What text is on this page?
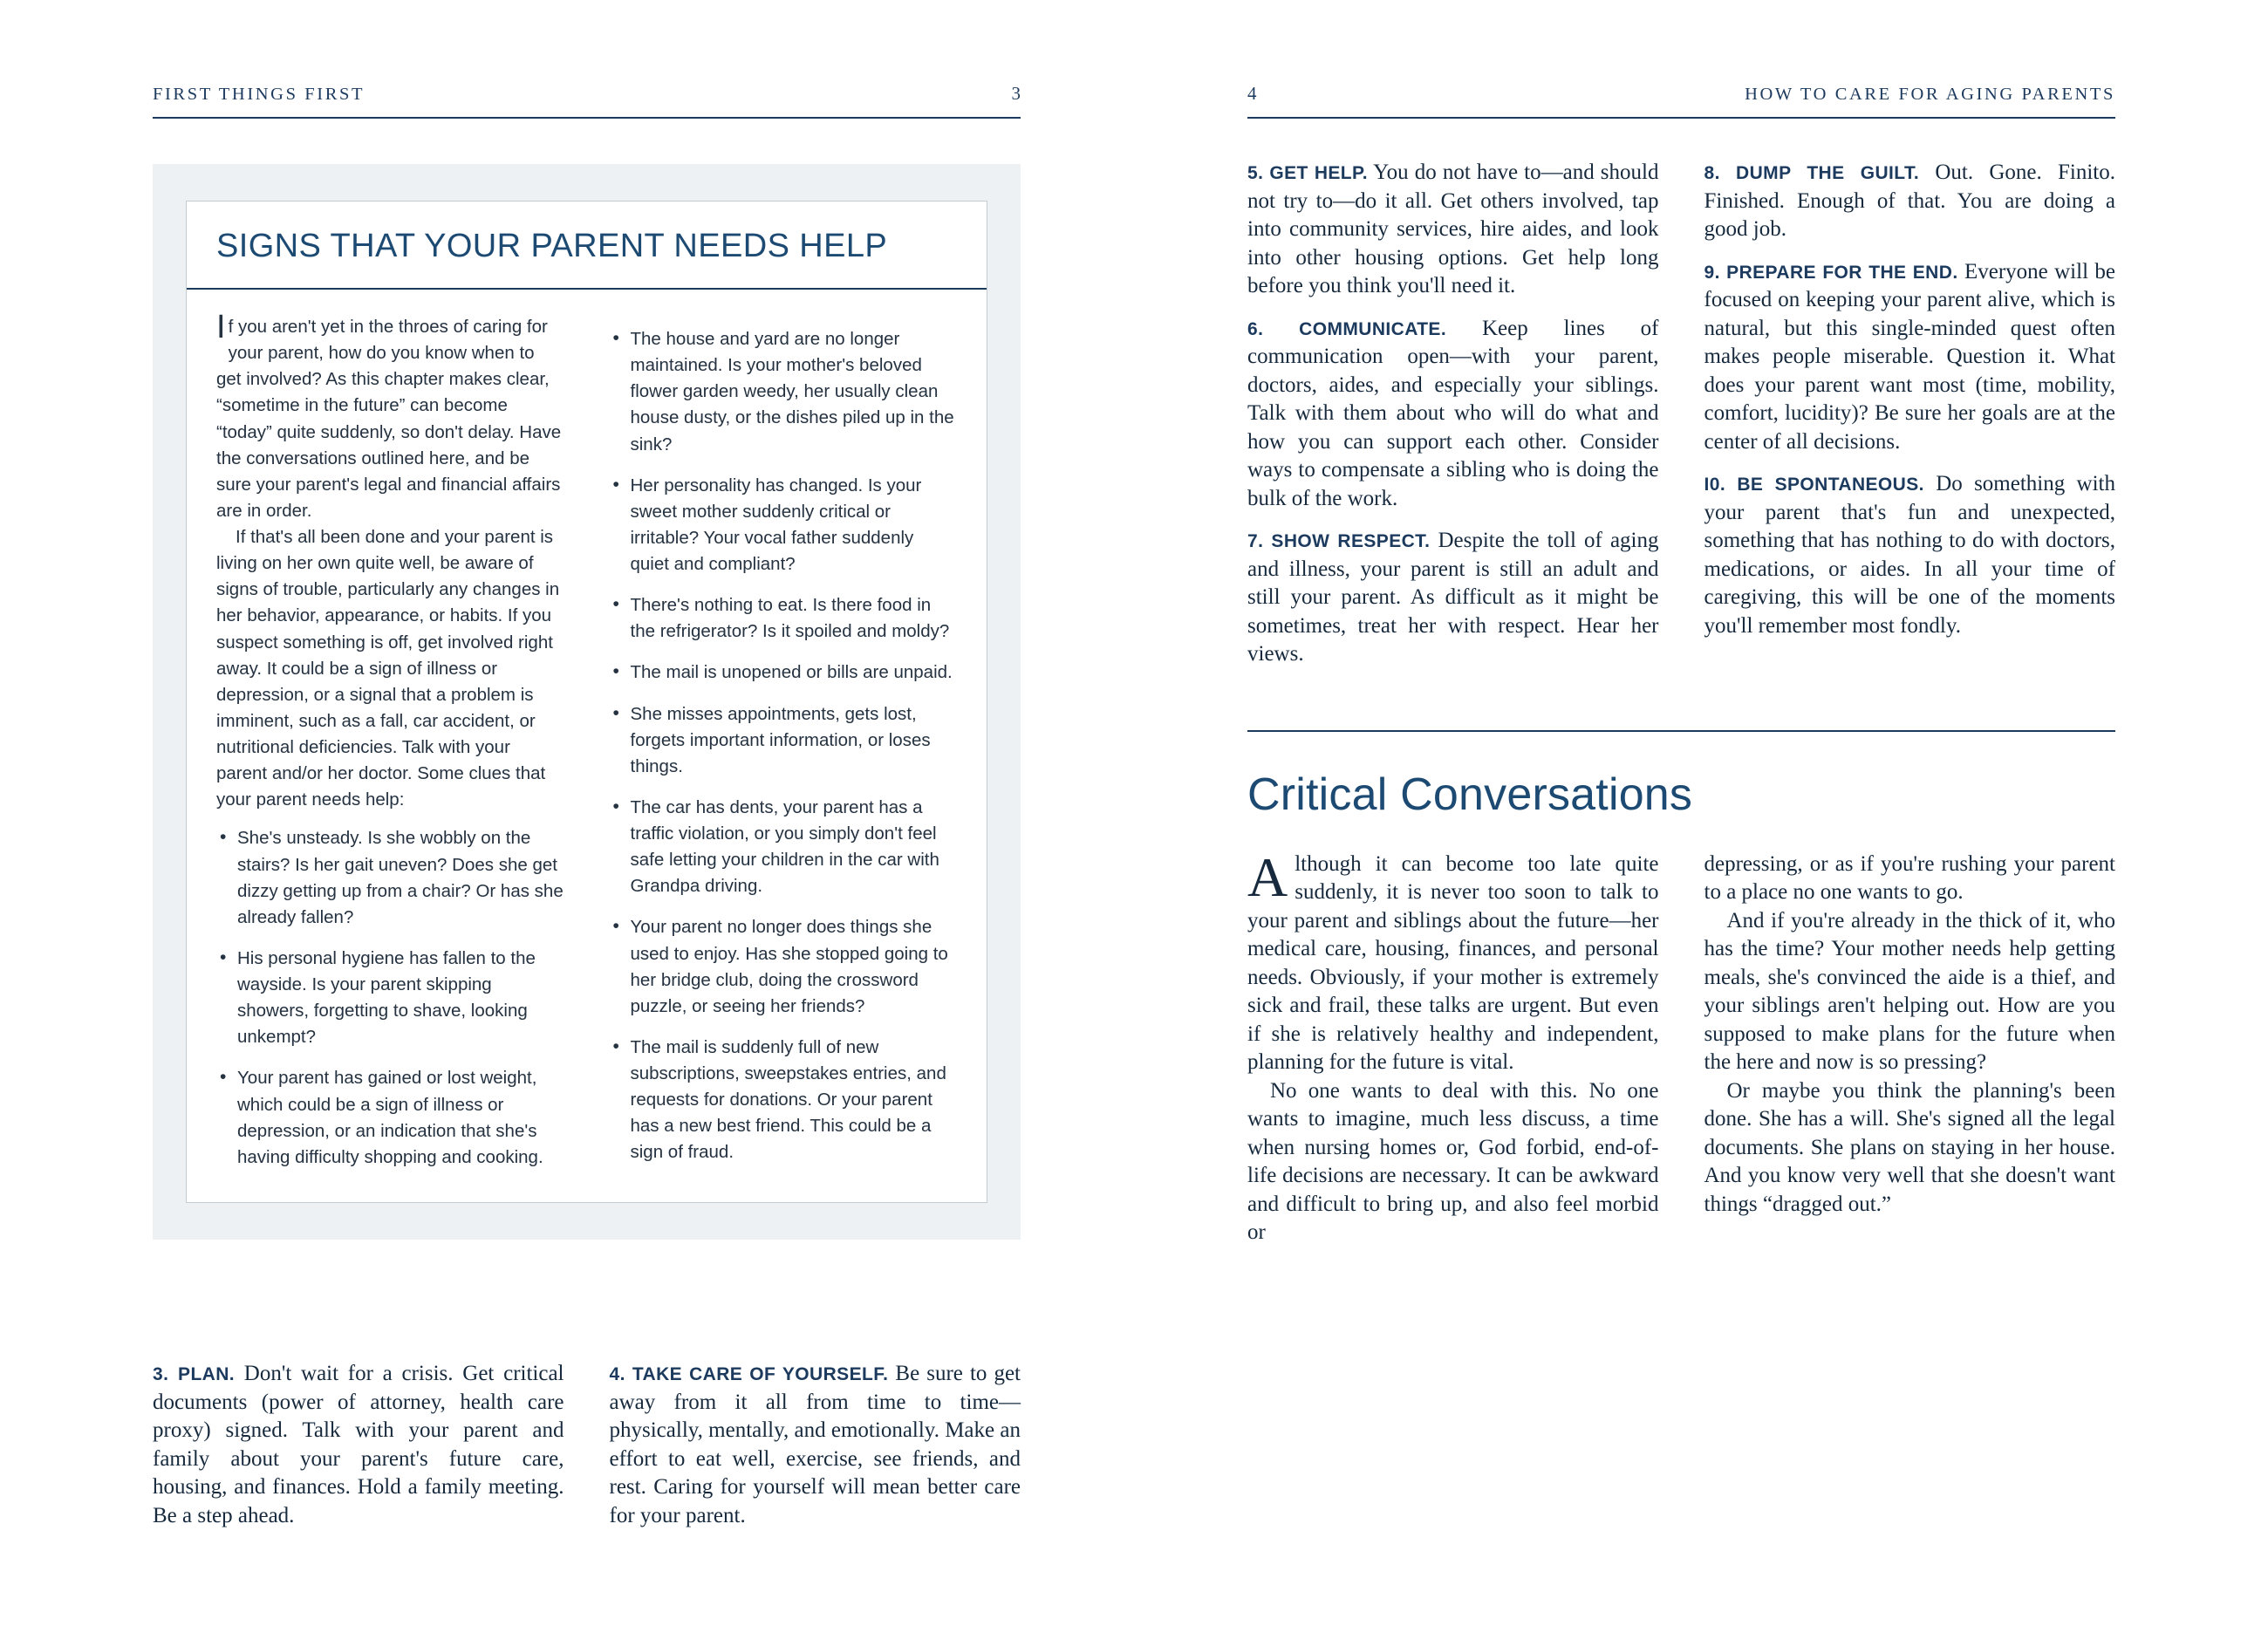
FIRST THINGS FIRST	3
SIGNS THAT YOUR PARENT NEEDS HELP

If you aren't yet in the throes of caring for your parent, how do you know when to get involved? As this chapter makes clear, “sometime in the future” can become “today” quite suddenly, so don't delay. Have the conversations outlined here, and be sure your parent's legal and financial affairs are in order.

If that's all been done and your parent is living on her own quite well, be aware of signs of trouble, particularly any changes in her behavior, appearance, or habits. If you suspect something is off, get involved right away. It could be a sign of illness or depression, or a signal that a problem is imminent, such as a fall, car accident, or nutritional deficiencies. Talk with your parent and/or her doctor. Some clues that your parent needs help:

• She's unsteady. Is she wobbly on the stairs? Is her gait uneven? Does she get dizzy getting up from a chair? Or has she already fallen?
• His personal hygiene has fallen to the wayside. Is your parent skipping showers, forgetting to shave, looking unkempt?
• Your parent has gained or lost weight, which could be a sign of illness or depression, or an indication that she's having difficulty shopping and cooking.
• The house and yard are no longer maintained. Is your mother's beloved flower garden weedy, her usually clean house dusty, or the dishes piled up in the sink?
• Her personality has changed. Is your sweet mother suddenly critical or irritable? Your vocal father suddenly quiet and compliant?
• There's nothing to eat. Is there food in the refrigerator? Is it spoiled and moldy?
• The mail is unopened or bills are unpaid.
• She misses appointments, gets lost, forgets important information, or loses things.
• The car has dents, your parent has a traffic violation, or you simply don't feel safe letting your children in the car with Grandpa driving.
• Your parent no longer does things she used to enjoy. Has she stopped going to her bridge club, doing the crossword puzzle, or seeing her friends?
• The mail is suddenly full of new subscriptions, sweepstakes entries, and requests for donations. Or your parent has a new best friend. This could be a sign of fraud.

3. PLAN. Don't wait for a crisis. Get critical documents (power of attorney, health care proxy) signed. Talk with your parent and family about your parent's future care, housing, and finances. Hold a family meeting. Be a step ahead.

4. TAKE CARE OF YOURSELF. Be sure to get away from it all from time to time—physically, mentally, and emotionally. Make an effort to eat well, exercise, see friends, and rest. Caring for yourself will mean better care for your parent.

4	HOW TO CARE FOR AGING PARENTS

5. GET HELP. You do not have to—and should not try to—do it all. Get others involved, tap into community services, hire aides, and look into other housing options. Get help long before you think you'll need it.

6. COMMUNICATE. Keep lines of communication open—with your parent, doctors, aides, and especially your siblings. Talk with them about who will do what and how you can support each other. Consider ways to compensate a sibling who is doing the bulk of the work.

7. SHOW RESPECT. Despite the toll of aging and illness, your parent is still an adult and still your parent. As difficult as it might be sometimes, treat her with respect. Hear her views.

8. DUMP THE GUILT. Out. Gone. Finito. Finished. Enough of that. You are doing a good job.

9. PREPARE FOR THE END. Everyone will be focused on keeping your parent alive, which is natural, but this single-minded quest often makes people miserable. Question it. What does your parent want most (time, mobility, comfort, lucidity)? Be sure her goals are at the center of all decisions.

I0. BE SPONTANEOUS. Do something with your parent that's fun and unexpected, something that has nothing to do with doctors, medications, or aides. In all your time of caregiving, this will be one of the moments you'll remember most fondly.

Critical Conversations

Although it can become too late quite suddenly, it is never too soon to talk to your parent and siblings about the future—her medical care, housing, finances, and personal needs. Obviously, if your mother is extremely sick and frail, these talks are urgent. But even if she is relatively healthy and independent, planning for the future is vital.

No one wants to deal with this. No one wants to imagine, much less discuss, a time when nursing homes or, God forbid, end-of-life decisions are necessary. It can be awkward and difficult to bring up, and also feel morbid or

depressing, or as if you're rushing your parent to a place no one wants to go.

And if you're already in the thick of it, who has the time? Your mother needs help getting meals, she's convinced the aide is a thief, and your siblings aren't helping out. How are you supposed to make plans for the future when the here and now is so pressing?

Or maybe you think the planning's been done. She has a will. She's signed all the legal documents. She plans on staying in her house. And you know very well that she doesn't want things “dragged out.”
